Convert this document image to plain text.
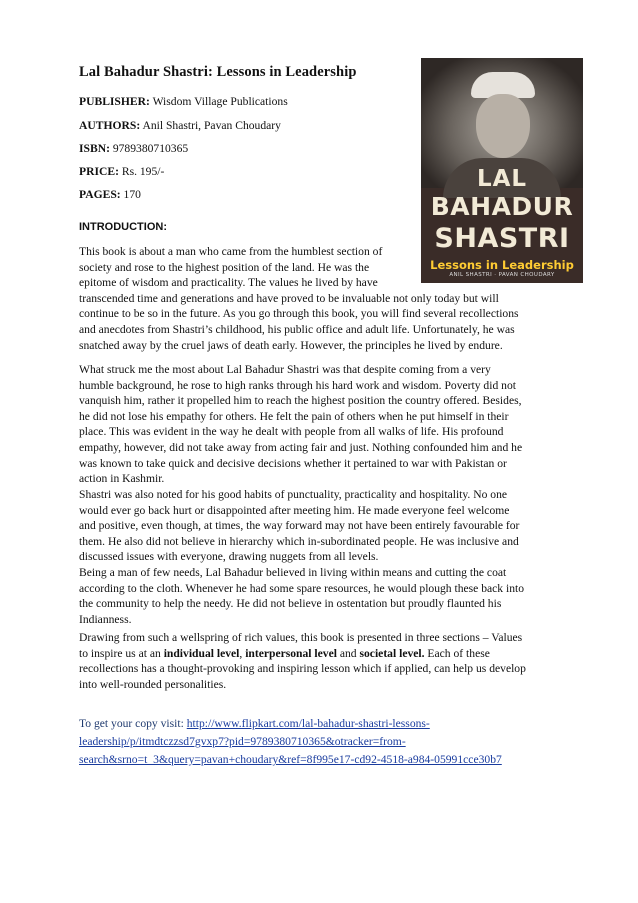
Lal Bahadur Shastri: Lessons in Leadership
PUBLISHER: Wisdom Village Publications
AUTHORS: Anil Shastri, Pavan Choudary
ISBN: 9789380710365
PRICE: Rs. 195/-
PAGES: 170
INTRODUCTION:
LAL
BAHADUR
SHASTRI
Lessons in Leadership
ANIL SHASTRI · PAVAN CHOUDARY
This book is about a man who came from the humblest section of
society and rose to the highest position of the land. He was the
epitome of wisdom and practicality. The values he lived by have
transcended time and generations and have proved to be invaluable not only today but will
continue to be so in the future. As you go through this book, you will find several recollections
and anecdotes from Shastri’s childhood, his public office and adult life. Unfortunately, he was
snatched away by the cruel jaws of death early. However, the principles he lived by endure.
What struck me the most about Lal Bahadur Shastri was that despite coming from a very
humble background, he rose to high ranks through his hard work and wisdom. Poverty did not
vanquish him, rather it propelled him to reach the highest position the country offered. Besides,
he did not lose his empathy for others. He felt the pain of others when he put himself in their
place. This was evident in the way he dealt with people from all walks of life. His profound
empathy, however, did not take away from acting fair and just. Nothing confounded him and he
was known to take quick and decisive decisions whether it pertained to war with Pakistan or
action in Kashmir.
Shastri was also noted for his good habits of punctuality, practicality and hospitality. No one
would ever go back hurt or disappointed after meeting him. He made everyone feel welcome
and positive, even though, at times, the way forward may not have been entirely favourable for
them. He also did not believe in hierarchy which in-subordinated people. He was inclusive and
discussed issues with everyone, drawing nuggets from all levels.
Being a man of few needs, Lal Bahadur believed in living within means and cutting the coat
according to the cloth. Whenever he had some spare resources, he would plough these back into
the community to help the needy. He did not believe in ostentation but proudly flaunted his
Indianness.
Drawing from such a wellspring of rich values, this book is presented in three sections – Values
to inspire us at an individual level, interpersonal level and societal level. Each of these
recollections has a thought-provoking and inspiring lesson which if applied, can help us develop
into well-rounded personalities.
To get your copy visit: http://www.flipkart.com/lal-bahadur-shastri-lessons-
leadership/p/itmdtczzsd7gvxp7?pid=9789380710365&otracker=from-
search&srno=t_3&query=pavan+choudary&ref=8f995e17-cd92-4518-a984-05991cce30b7
